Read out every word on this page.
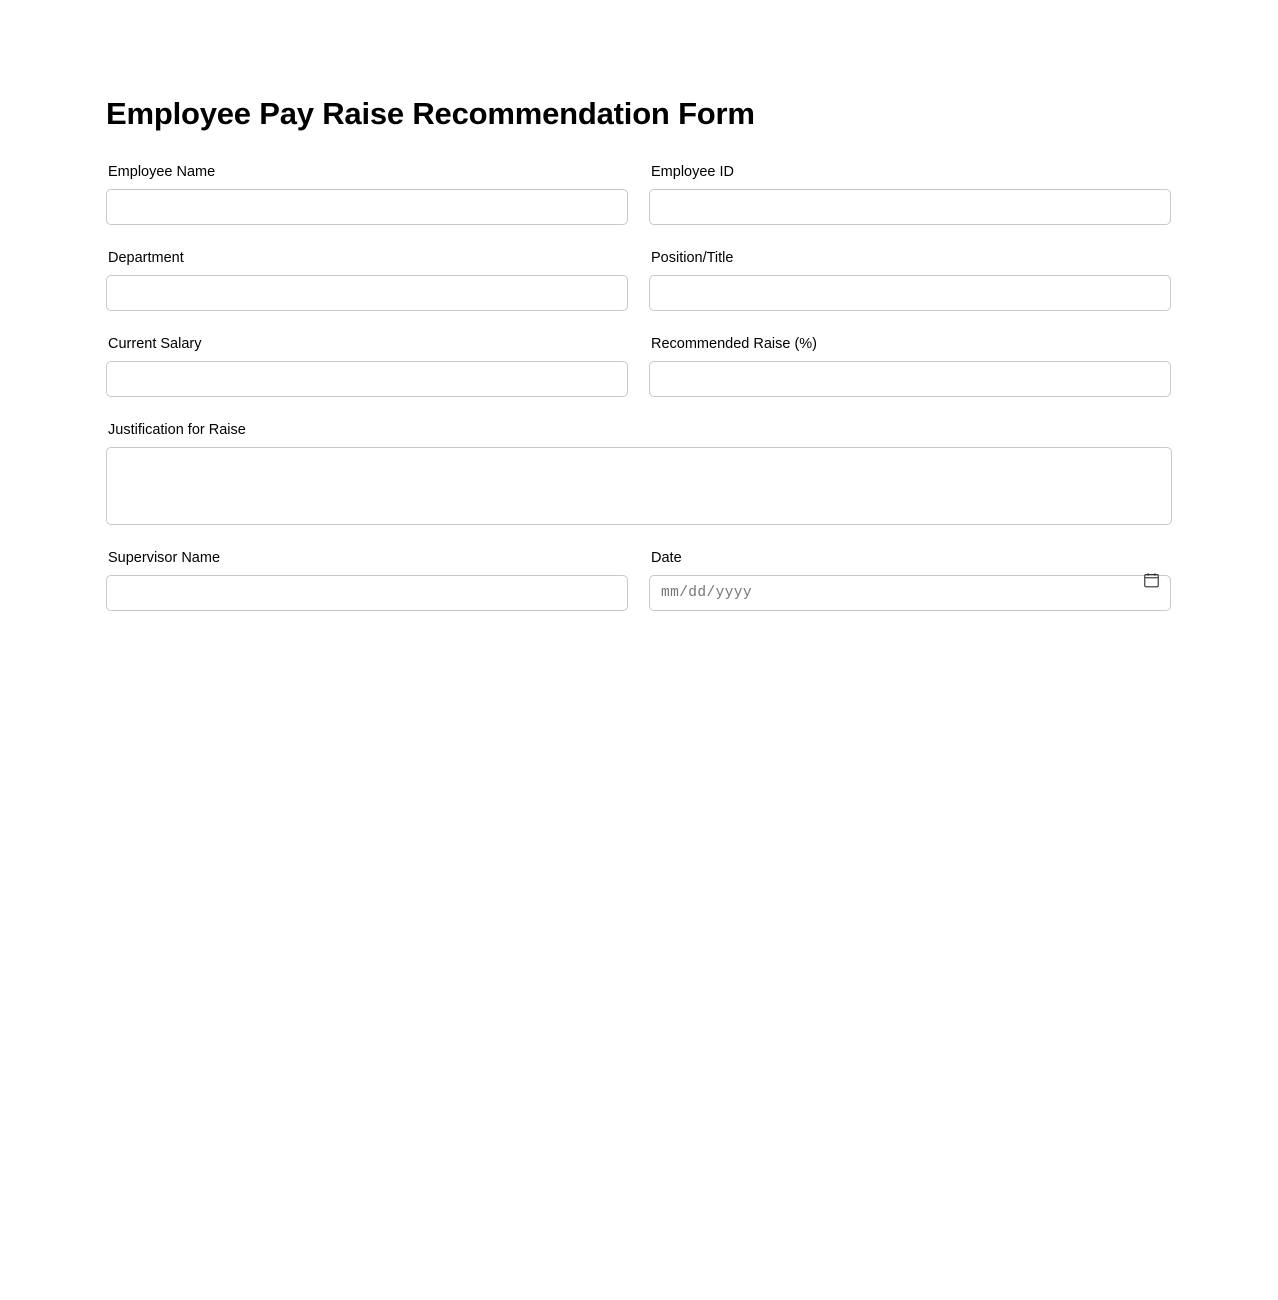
Employee Pay Raise Recommendation Form
Employee Name	Employee ID
Department	Position/Title
Current Salary	Recommended Raise (%)
Justification for Raise
Supervisor Name	Date
mm/dd/yyyy
